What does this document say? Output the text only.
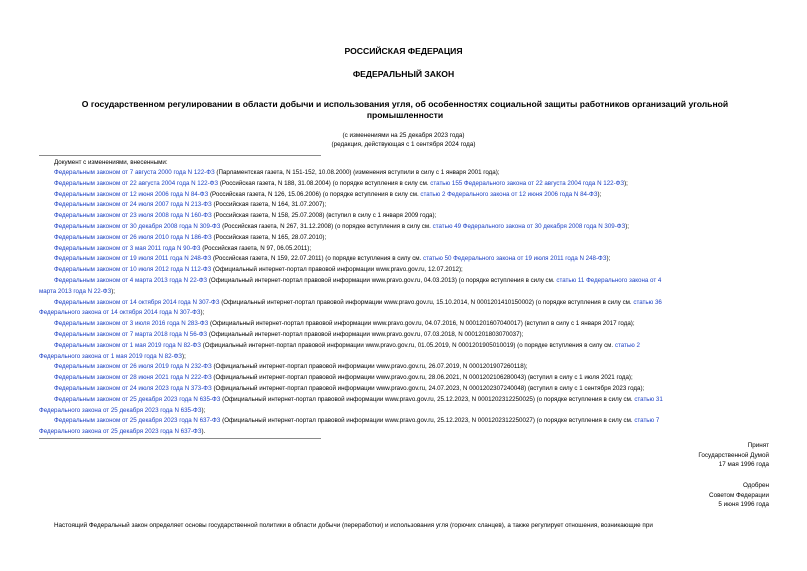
РОССИЙСКАЯ ФЕДЕРАЦИЯ
ФЕДЕРАЛЬНЫЙ ЗАКОН
О государственном регулировании в области добычи и использования угля, об особенностях социальной защиты работников организаций угольной промышленности
(с изменениями на 25 декабря 2023 года)
(редакция, действующая с 1 сентября 2024 года)
Документ с изменениями, внесенными:
Федеральным законом от 7 августа 2000 года N 122-ФЗ (Парламентская газета, N 151-152, 10.08.2000) (изменения вступили в силу с 1 января 2001 года);
Федеральным законом от 22 августа 2004 года N 122-ФЗ (Российская газета, N 188, 31.08.2004) (о порядке вступления в силу см. статью 155 Федерального закона от 22 августа 2004 года N 122-ФЗ);
Федеральным законом от 12 июня 2006 года N 84-ФЗ (Российская газета, N 126, 15.06.2006) (о порядке вступления в силу см. статью 2 Федерального закона от 12 июня 2006 года N 84-ФЗ);
Федеральным законом от 24 июля 2007 года N 213-ФЗ (Российская газета, N 164, 31.07.2007);
Федеральным законом от 23 июля 2008 года N 160-ФЗ (Российская газета, N 158, 25.07.2008) (вступил в силу с 1 января 2009 года);
Федеральным законом от 30 декабря 2008 года N 309-ФЗ (Российская газета, N 267, 31.12.2008) (о порядке вступления в силу см. статью 49 Федерального закона от 30 декабря 2008 года N 309-ФЗ);
Федеральным законом от 26 июля 2010 года N 186-ФЗ (Российская газета, N 165, 28.07.2010);
Федеральным законом от 3 мая 2011 года N 90-ФЗ (Российская газета, N 97, 06.05.2011);
Федеральным законом от 19 июля 2011 года N 248-ФЗ (Российская газета, N 159, 22.07.2011) (о порядке вступления в силу см. статью 50 Федерального закона от 19 июля 2011 года N 248-ФЗ);
Федеральным законом от 10 июля 2012 года N 112-ФЗ (Официальный интернет-портал правовой информации www.pravo.gov.ru, 12.07.2012);
Федеральным законом от 4 марта 2013 года N 22-ФЗ (Официальный интернет-портал правовой информации www.pravo.gov.ru, 04.03.2013) (о порядке вступления в силу см. статью 11 Федерального закона от 4
марта 2013 года N 22-ФЗ);
Федеральным законом от 14 октября 2014 года N 307-ФЗ (Официальный интернет-портал правовой информации www.pravo.gov.ru, 15.10.2014, N 0001201410150002) (о порядке вступления в силу см. статью 36
Федерального закона от 14 октября 2014 года N 307-ФЗ);
Федеральным законом от 3 июля 2016 года N 283-ФЗ (Официальный интернет-портал правовой информации www.pravo.gov.ru, 04.07.2016, N 0001201607040017) (вступил в силу с 1 января 2017 года);
Федеральным законом от 7 марта 2018 года N 56-ФЗ (Официальный интернет-портал правовой информации www.pravo.gov.ru, 07.03.2018, N 0001201803070037);
Федеральным законом от 1 мая 2019 года N 82-ФЗ (Официальный интернет-портал правовой информации www.pravo.gov.ru, 01.05.2019, N 0001201905010019) (о порядке вступления в силу см. статью 2
Федерального закона от 1 мая 2019 года N 82-ФЗ);
Федеральным законом от 26 июля 2019 года N 232-ФЗ (Официальный интернет-портал правовой информации www.pravo.gov.ru, 26.07.2019, N 0001201907260118);
Федеральным законом от 28 июня 2021 года N 222-ФЗ (Официальный интернет-портал правовой информации www.pravo.gov.ru, 28.06.2021, N 0001202106280043) (вступил в силу с 1 июля 2021 года);
Федеральным законом от 24 июля 2023 года N 373-ФЗ (Официальный интернет-портал правовой информации www.pravo.gov.ru, 24.07.2023, N 0001202307240048) (вступил в силу с 1 сентября 2023 года);
Федеральным законом от 25 декабря 2023 года N 635-ФЗ (Официальный интернет-портал правовой информации www.pravo.gov.ru, 25.12.2023, N 0001202312250025) (о порядке вступления в силу см. статью 31
Федерального закона от 25 декабря 2023 года N 635-ФЗ);
Федеральным законом от 25 декабря 2023 года N 637-ФЗ (Официальный интернет-портал правовой информации www.pravo.gov.ru, 25.12.2023, N 0001202312250027) (о порядке вступления в силу см. статью 7
Федерального закона от 25 декабря 2023 года N 637-ФЗ).
Принят
Государственной Думой
17 мая 1996 года
Одобрен
Советом Федерации
5 июня 1996 года
Настоящий Федеральный закон определяет основы государственной политики в области добычи (переработки) и использования угля (горючих сланцев), а также регулирует отношения, возникающие при
